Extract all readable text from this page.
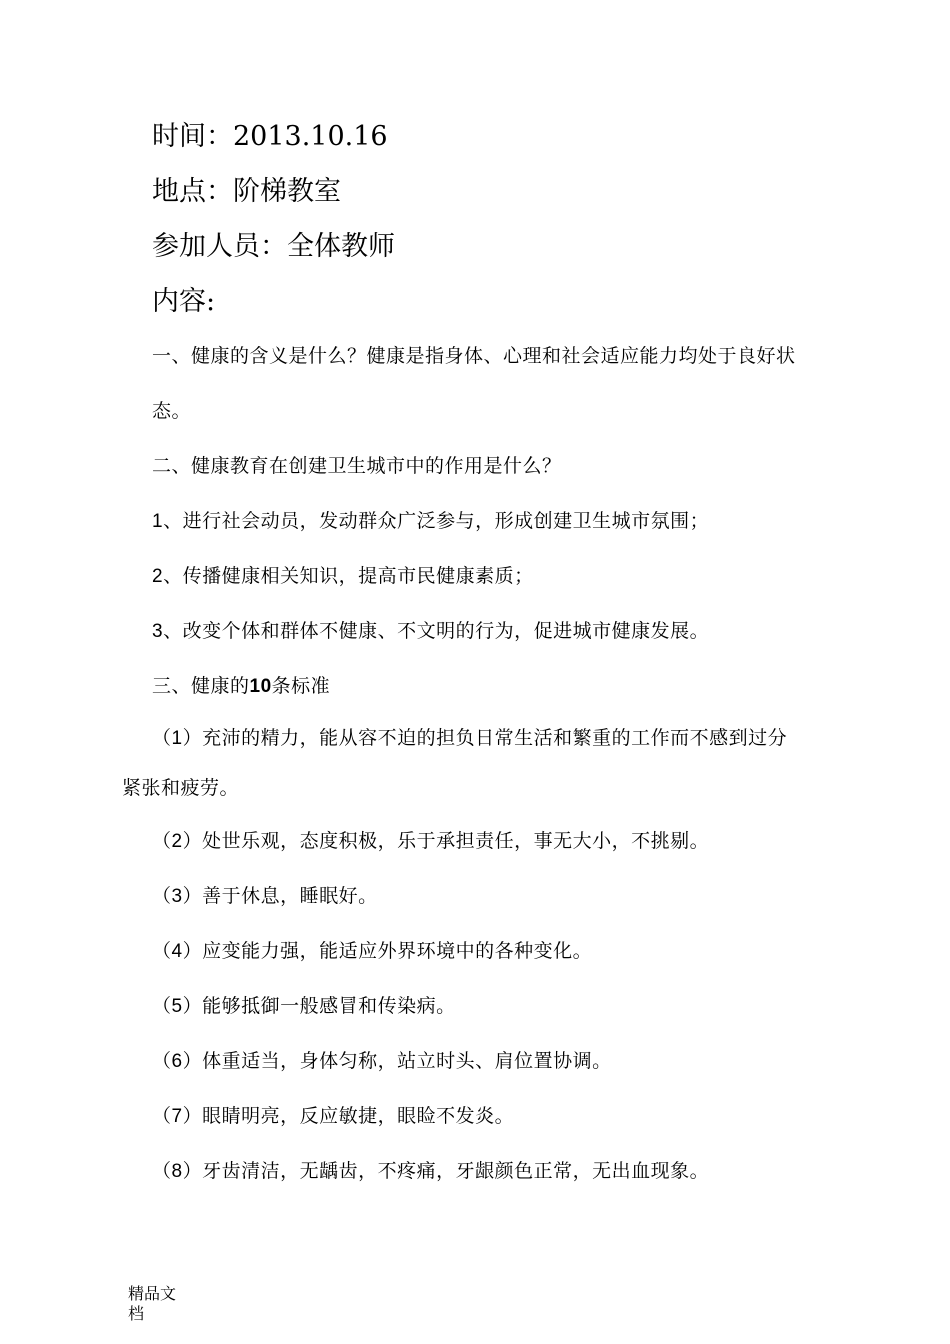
时间：2013.10.16
地点：阶梯教室
参加人员：全体教师
内容:
一、健康的含义是什么？健康是指身体、心理和社会适应能力均处于良好状
态。
二、健康教育在创建卫生城市中的作用是什么？
1、进行社会动员，发动群众广泛参与，形成创建卫生城市氛围；
2、传播健康相关知识，提高市民健康素质；
3、改变个体和群体不健康、不文明的行为，促进城市健康发展。
三、健康的10条标准
（1）充沛的精力，能从容不迫的担负日常生活和繁重的工作而不感到过分
紧张和疲劳。
（2）处世乐观，态度积极，乐于承担责任，事无大小，不挑剔。
（3）善于休息，睡眠好。
（4）应变能力强，能适应外界环境中的各种变化。
（5）能够抵御一般感冒和传染病。
（6）体重适当，身体匀称，站立时头、肩位置协调。
（7）眼睛明亮，反应敏捷，眼睑不发炎。
（8）牙齿清洁，无龋齿，不疼痛，牙龈颜色正常，无出血现象。
精品文档
